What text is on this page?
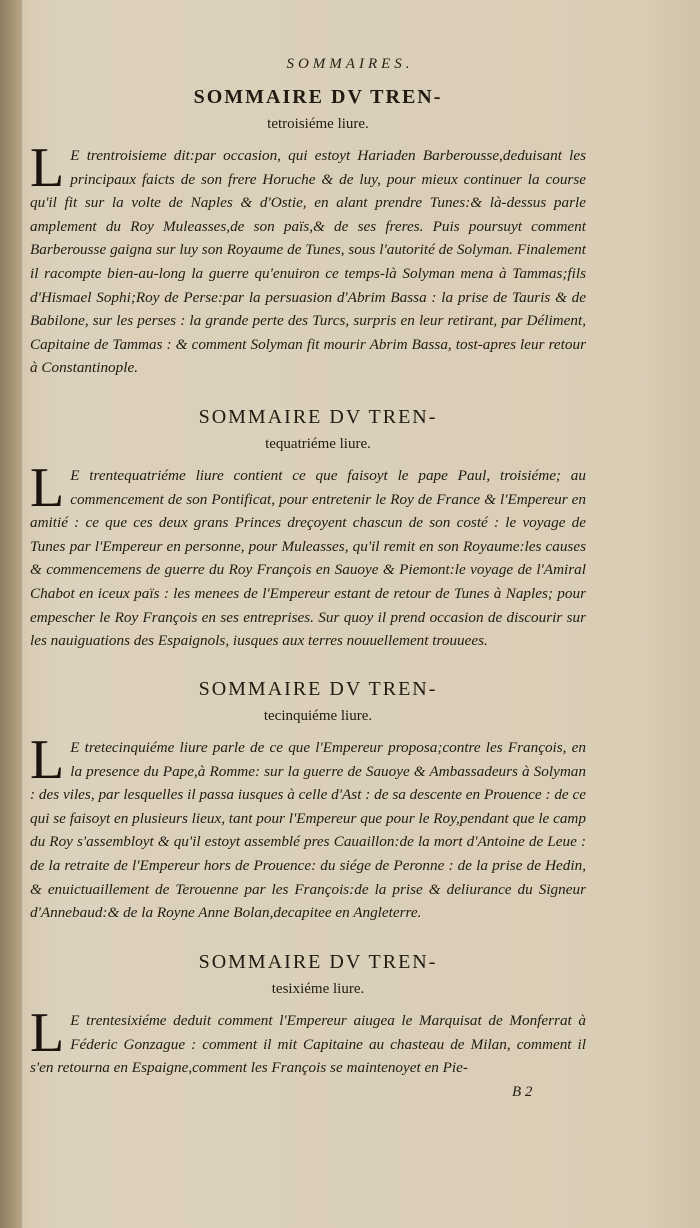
SOMMAIRES.
SOMMAIRE DV TREN-
tetroisiéme liure.
L E trentroisieme dit:par occasion, qui estoyt Hariaden Barberousse,deduisant les principaux faicts de son frere Horuche & de luy, pour mieux continuer la course qu'il fit sur la volte de Naples & d'Ostie, en alant prendre Tunes:& là-dessus parle amplement du Roy Muleasses,de son païs,& de ses freres. Puis poursuyt comment Barberousse gaigna sur luy son Royaume de Tunes, sous l'autorité de Solyman. Finalement il racompte bien-au-long la guerre qu'enuiron ce temps-là Solyman mena à Tammas;fils d'Hismael Sophi;Roy de Perse:par la persuasion d'Abrim Bassa : la prise de Tauris & de Babilone, sur les perses : la grande perte des Turcs, surpris en leur retirant, par Déliment, Capitaine de Tammas : & comment Solyman fit mourir Abrim Bassa, tost-apres leur retour à Constantinople.
SOMMAIRE DV TREN-
tequatriéme liure.
L E trentequatriéme liure contient ce que faisoyt le pape Paul, troisiéme; au commencement de son Pontificat, pour entretenir le Roy de France & l'Empereur en amitié : ce que ces deux grans Princes dreçoyent chascun de son costé : le voyage de Tunes par l'Empereur en personne, pour Muleasses, qu'il remit en son Royaume:les causes & commencemens de guerre du Roy François en Sauoye & Piemont:le voyage de l'Amiral Chabot en iceux païs : les menees de l'Empereur estant de retour de Tunes à Naples; pour empescher le Roy François en ses entreprises. Sur quoy il prend occasion de discourir sur les nauiguations des Espaignols, iusques aux terres nouuellement trouuees.
SOMMAIRE DV TREN-
tecinquiéme liure.
L E tretecinquiéme liure parle de ce que l'Empereur proposa;contre les François, en la presence du Pape,à Romme: sur la guerre de Sauoye & Ambassadeurs à Solyman : des viles, par lesquelles il passa iusques à celle d'Ast : de sa descente en Prouence : de ce qui se faisoyt en plusieurs lieux, tant pour l'Empereur que pour le Roy,pendant que le camp du Roy s'assembloyt & qu'il estoyt assemblé pres Cauaillon:de la mort d'Antoine de Leue : de la retraite de l'Empereur hors de Prouence: du siége de Peronne : de la prise de Hedin, & enuictuaillement de Terouenne par les François:de la prise & deliurance du Signeur d'Annebaud:& de la Royne Anne Bolan,decapitee en Angleterre.
SOMMAIRE DV TREN-
tesixiéme liure.
L E trentesixiéme deduit comment l'Empereur aiugea le Marquisat de Monferrat à Féderic Gonzague : comment il mit Capitaine au chasteau de Milan, comment il s'en retourna en Espaigne,comment les François se maintenoyet en Pie-
B 2
